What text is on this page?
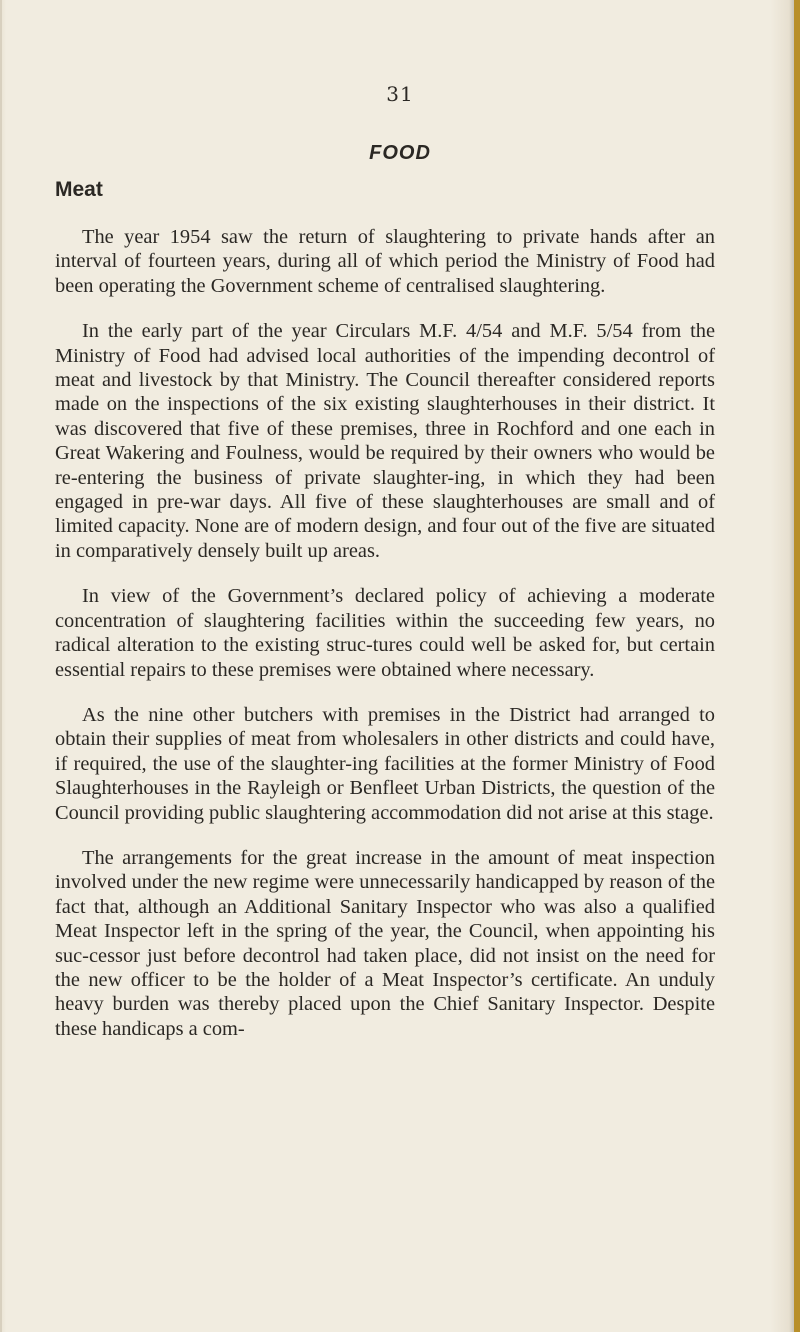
31
FOOD
Meat

The year 1954 saw the return of slaughtering to private hands after an interval of fourteen years, during all of which period the Ministry of Food had been operating the Government scheme of centralised slaughtering.

In the early part of the year Circulars M.F. 4/54 and M.F. 5/54 from the Ministry of Food had advised local authorities of the impending decontrol of meat and livestock by that Ministry. The Council thereafter considered reports made on the inspections of the six existing slaughterhouses in their district. It was discovered that five of these premises, three in Rochford and one each in Great Wakering and Foulness, would be required by their owners who would be re-entering the business of private slaughter-ing, in which they had been engaged in pre-war days. All five of these slaughterhouses are small and of limited capacity. None are of modern design, and four out of the five are situated in comparatively densely built up areas.

In view of the Government’s declared policy of achieving a moderate concentration of slaughtering facilities within the succeeding few years, no radical alteration to the existing struc-tures could well be asked for, but certain essential repairs to these premises were obtained where necessary.

As the nine other butchers with premises in the District had arranged to obtain their supplies of meat from wholesalers in other districts and could have, if required, the use of the slaughter-ing facilities at the former Ministry of Food Slaughterhouses in the Rayleigh or Benfleet Urban Districts, the question of the Council providing public slaughtering accommodation did not arise at this stage.

The arrangements for the great increase in the amount of meat inspection involved under the new regime were unnecessarily handicapped by reason of the fact that, although an Additional Sanitary Inspector who was also a qualified Meat Inspector left in the spring of the year, the Council, when appointing his suc-cessor just before decontrol had taken place, did not insist on the need for the new officer to be the holder of a Meat Inspector’s certificate. An unduly heavy burden was thereby placed upon the Chief Sanitary Inspector. Despite these handicaps a com-
